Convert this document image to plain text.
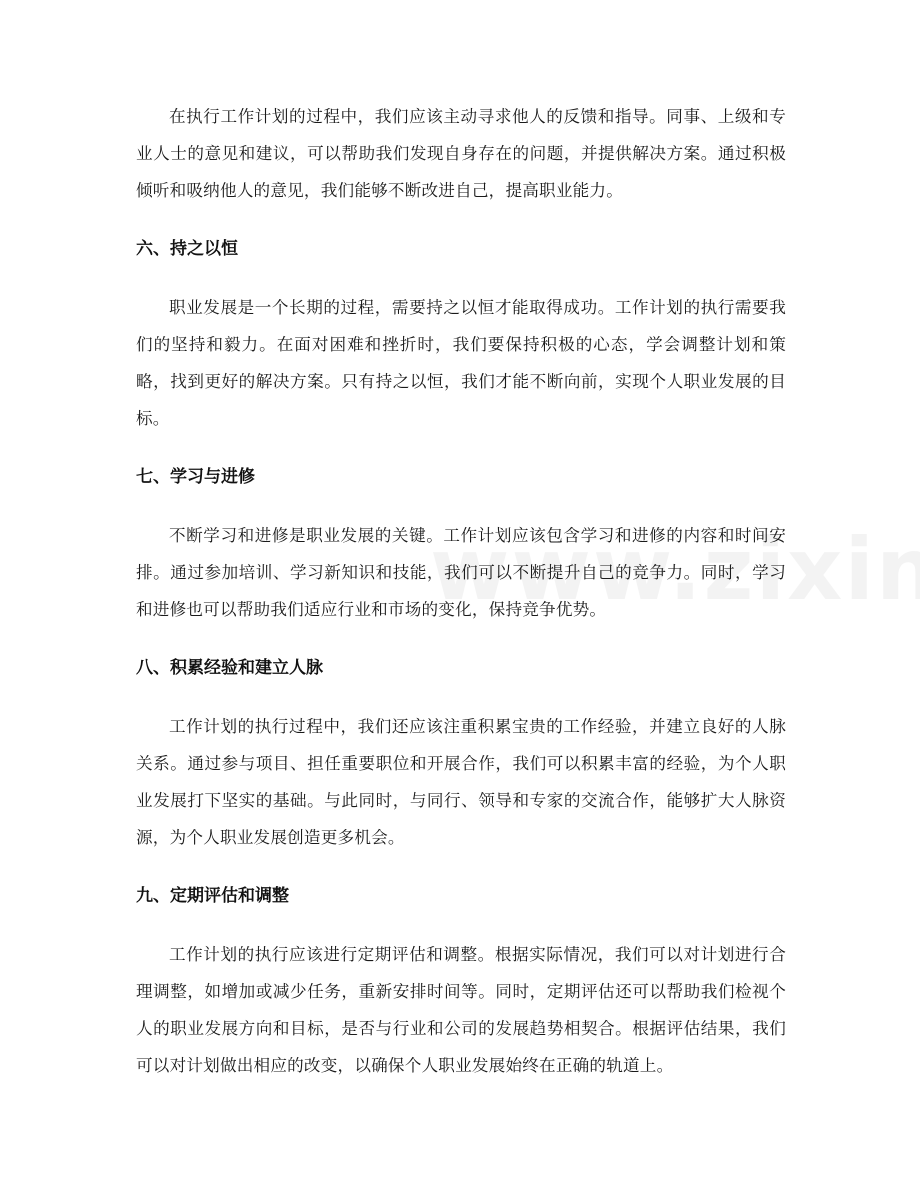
在执行工作计划的过程中，我们应该主动寻求他人的反馈和指导。同事、上级和专业人士的意见和建议，可以帮助我们发现自身存在的问题，并提供解决方案。通过积极倾听和吸纳他人的意见，我们能够不断改进自己，提高职业能力。

六、持之以恒

职业发展是一个长期的过程，需要持之以恒才能取得成功。工作计划的执行需要我们的坚持和毅力。在面对困难和挫折时，我们要保持积极的心态，学会调整计划和策略，找到更好的解决方案。只有持之以恒，我们才能不断向前，实现个人职业发展的目标。

七、学习与进修

不断学习和进修是职业发展的关键。工作计划应该包含学习和进修的内容和时间安排。通过参加培训、学习新知识和技能，我们可以不断提升自己的竞争力。同时，学习和进修也可以帮助我们适应行业和市场的变化，保持竞争优势。

八、积累经验和建立人脉

工作计划的执行过程中，我们还应该注重积累宝贵的工作经验，并建立良好的人脉关系。通过参与项目、担任重要职位和开展合作，我们可以积累丰富的经验，为个人职业发展打下坚实的基础。与此同时，与同行、领导和专家的交流合作，能够扩大人脉资源，为个人职业发展创造更多机会。

九、定期评估和调整

工作计划的执行应该进行定期评估和调整。根据实际情况，我们可以对计划进行合理调整，如增加或减少任务，重新安排时间等。同时，定期评估还可以帮助我们检视个人的职业发展方向和目标，是否与行业和公司的发展趋势相契合。根据评估结果，我们可以对计划做出相应的改变，以确保个人职业发展始终在正确的轨道上。
